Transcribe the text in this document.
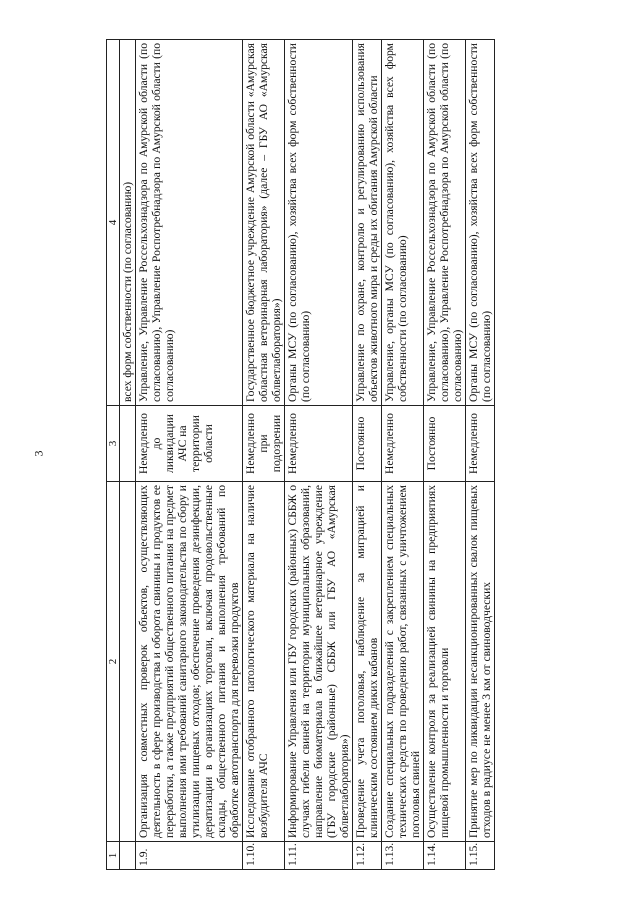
3
1	2	3	4
			всех форм собственности (по согласованию)
1.9.	Организация совместных проверок объектов, осуществляющих деятельность в сфере производства и оборота свинины и продуктов ее переработки, а также предприятий общественного питания на предмет выполнения ими требований санитарного законодательства по сбору и утилизации пищевых отходов; обеспечение проведения дезинфекции, дератизации в организациях торговли, включая продовольственные склады, общественного питания и выполнения требований по обработке автотранспорта для перевозки продуктов	Немедленно до ликвидации АЧС на территории области	Управление, Управление Россельхознадзора по Амурской области (по согласованию), Управление Роспотребнадзора по Амурской области (по согласованию)
1.10.	Исследование отобранного патологического материала на наличие возбудителя АЧС	Немедленно при подозрении	Государственное бюджетное учреждение Амурской области «Амурская областная ветеринарная лаборатория» (далее – ГБУ АО «Амурская облветлаборатория»)
1.11.	Информирование Управления или ГБУ городских (районных) СББЖ о случаях гибели свиней на территории муниципальных образований, направление биоматериала в ближайшее ветеринарное учреждение (ГБУ городские (районные) СББЖ или ГБУ АО «Амурская облветлаборатория»)	Немедленно	Органы МСУ (по согласованию), хозяйства всех форм собственности (по согласованию)
1.12.	Проведение учета поголовья, наблюдение за миграцией и клиническим состоянием диких кабанов	Постоянно	Управление по охране, контролю и регулированию использования объектов животного мира и среды их обитания Амурской области
1.13.	Создание специальных подразделений с закреплением специальных технических средств по проведению работ, связанных с уничтожением поголовья свиней	Немедленно	Управление, органы МСУ (по согласованию), хозяйства всех форм собственности (по согласованию)
1.14.	Осуществление контроля за реализацией свинины на предприятиях пищевой промышленности и торговли	Постоянно	Управление, Управление Россельхознадзора по Амурской области (по согласованию), Управление Роспотребнадзора по Амурской области (по согласованию)
1.15.	Принятие мер по ликвидации несанкционированных свалок пищевых отходов в радиусе не менее 3 км от свиноводческих	Немедленно	Органы МСУ (по согласованию), хозяйства всех форм собственности (по согласованию)
